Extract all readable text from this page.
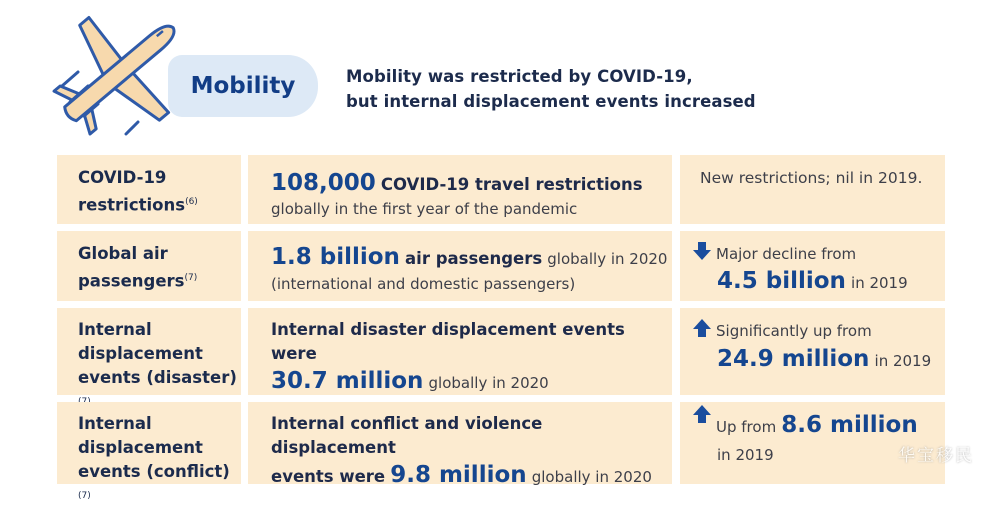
Mobility	Mobility was restricted by COVID-19,
but internal displacement events increased
COVID-19
restrictions$^{(6)}$
108,000 COVID-19 travel restrictions
globally in the first year of the pandemic
New restrictions; nil in 2019.
Global air
passengers$^{(7)}$
1.8 billion air passengers globally in 2020
(international and domestic passengers)
Major decline from
4.5 billion in 2019
Internal
displacement
events (disaster)
Internal disaster displacement events were
30.7 million globally in 2020
Significantly up from
24.9 million in 2019
Internal
displacement
events (conflict)$^{(7)}$
Internal conflict and violence displacement
events were 9.8 million globally in 2020
Up from 8.6 million
in 2019	华宝移民
